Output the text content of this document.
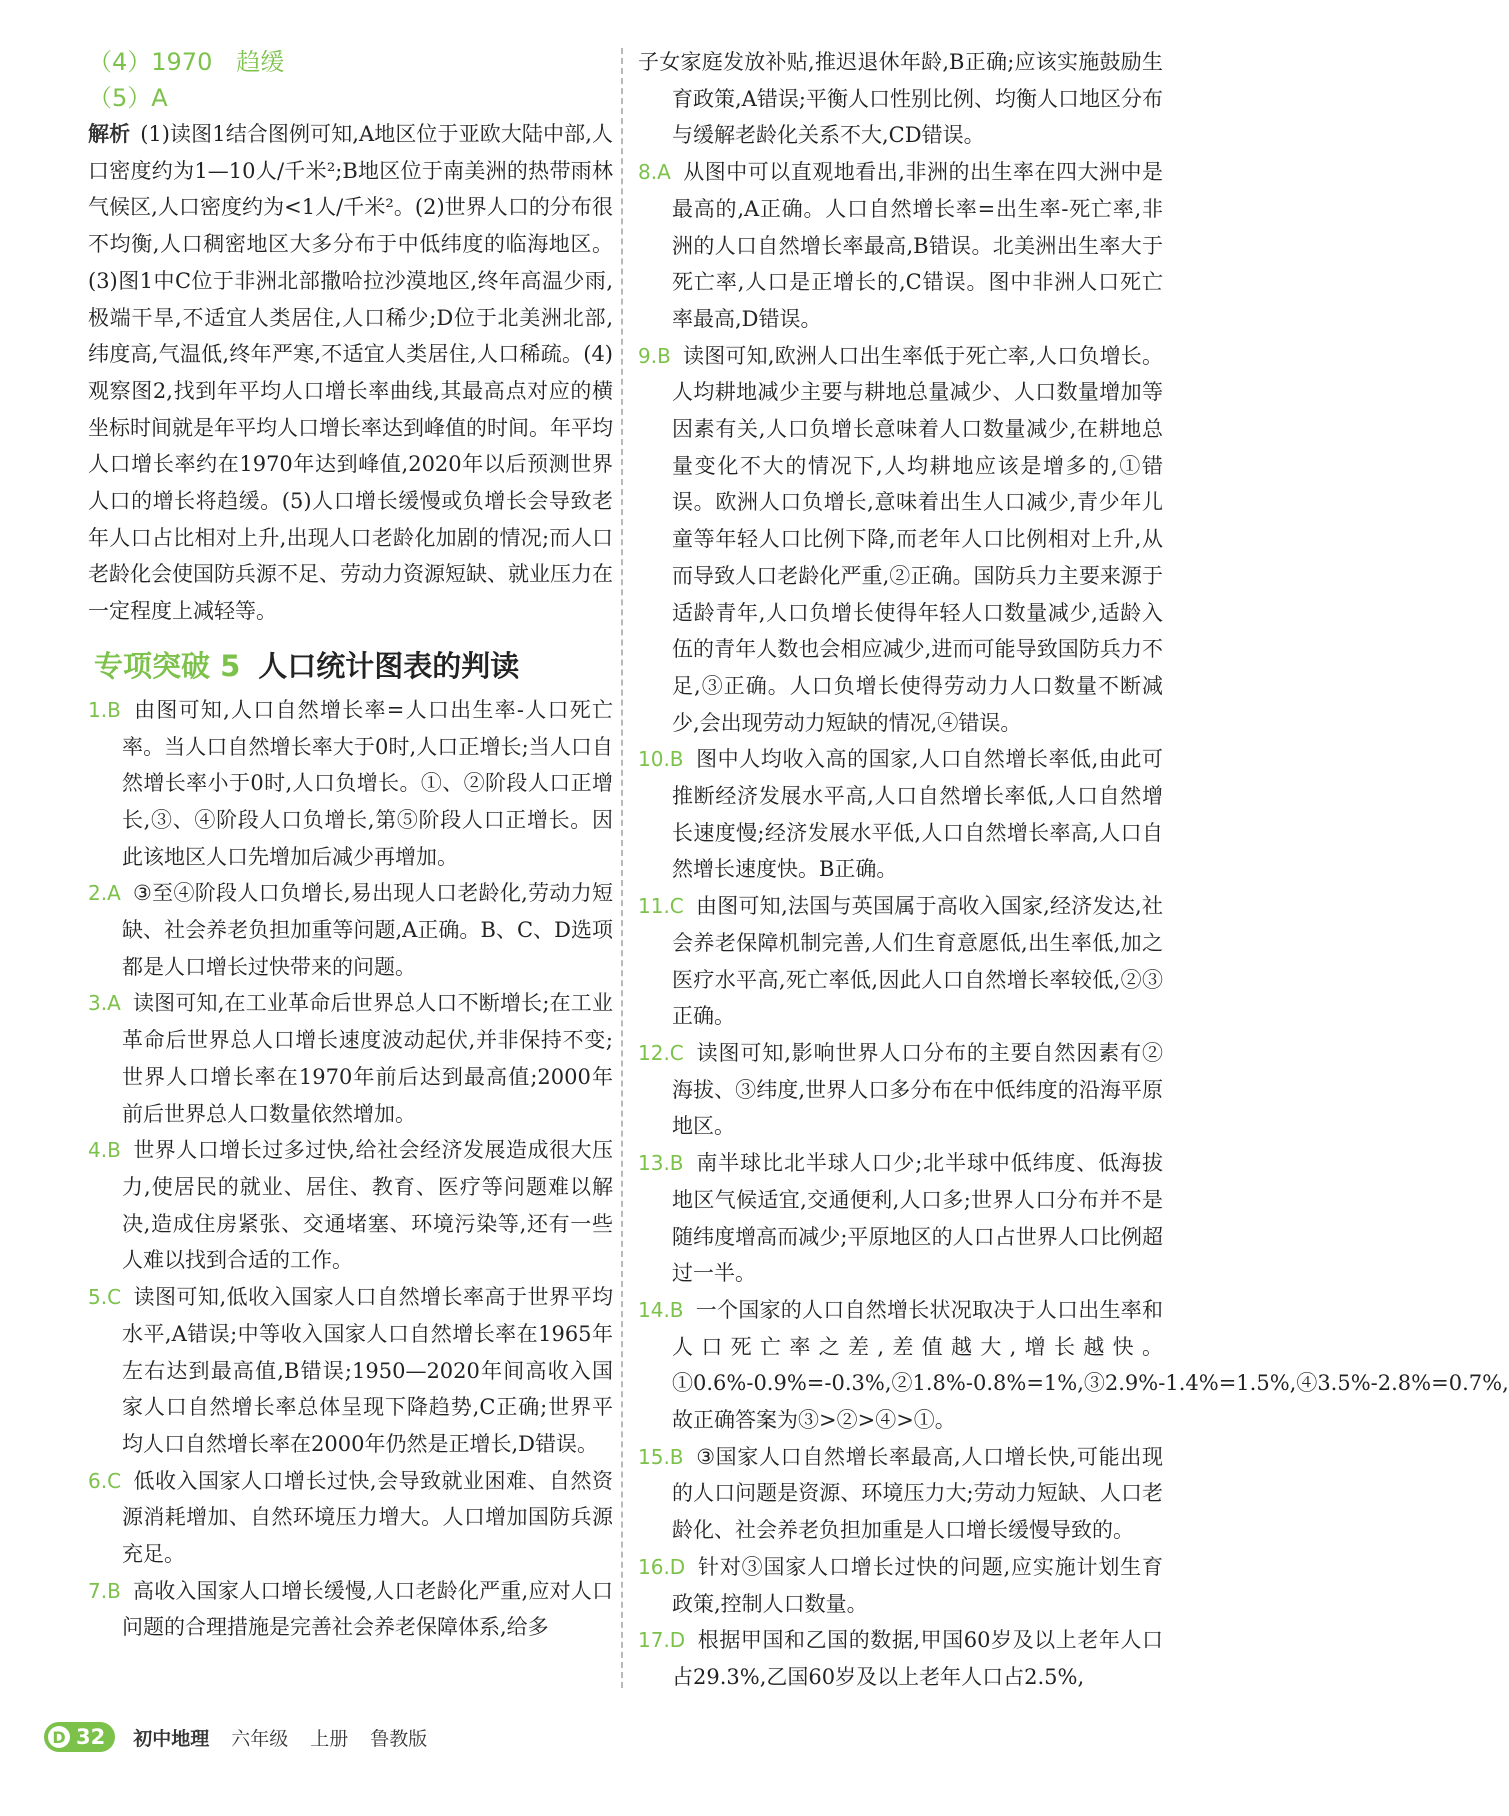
（4）1970　趋缓

（5）A

解析 (1)读图1结合图例可知,A地区位于亚欧大陆中部,人口密度约为1—10人/千米²;B地区位于南美洲的热带雨林气候区,人口密度约为<1人/千米²。(2)世界人口的分布很不均衡,人口稠密地区大多分布于中低纬度的临海地区。(3)图1中C位于非洲北部撒哈拉沙漠地区,终年高温少雨,极端干旱,不适宜人类居住,人口稀少;D位于北美洲北部,纬度高,气温低,终年严寒,不适宜人类居住,人口稀疏。(4)观察图2,找到年平均人口增长率曲线,其最高点对应的横坐标时间就是年平均人口增长率达到峰值的时间。年平均人口增长率约在1970年达到峰值,2020年以后预测世界人口的增长将趋缓。(5)人口增长缓慢或负增长会导致老年人口占比相对上升,出现人口老龄化加剧的情况;而人口老龄化会使国防兵源不足、劳动力资源短缺、就业压力在一定程度上减轻等。

专项突破 5 人口统计图表的判读

1.B 由图可知,人口自然增长率=人口出生率-人口死亡率。当人口自然增长率大于0时,人口正增长;当人口自然增长率小于0时,人口负增长。①、②阶段人口正增长,③、④阶段人口负增长,第⑤阶段人口正增长。因此该地区人口先增加后减少再增加。

2.A ③至④阶段人口负增长,易出现人口老龄化,劳动力短缺、社会养老负担加重等问题,A正确。B、C、D选项都是人口增长过快带来的问题。

3.A 读图可知,在工业革命后世界总人口不断增长;在工业革命后世界总人口增长速度波动起伏,并非保持不变;世界人口增长率在1970年前后达到最高值;2000年前后世界总人口数量依然增加。

4.B 世界人口增长过多过快,给社会经济发展造成很大压力,使居民的就业、居住、教育、医疗等问题难以解决,造成住房紧张、交通堵塞、环境污染等,还有一些人难以找到合适的工作。

5.C 读图可知,低收入国家人口自然增长率高于世界平均水平,A错误;中等收入国家人口自然增长率在1965年左右达到最高值,B错误;1950—2020年间高收入国家人口自然增长率总体呈现下降趋势,C正确;世界平均人口自然增长率在2000年仍然是正增长,D错误。

6.C 低收入国家人口增长过快,会导致就业困难、自然资源消耗增加、自然环境压力增大。人口增加国防兵源充足。

7.B 高收入国家人口增长缓慢,人口老龄化严重,应对人口问题的合理措施是完善社会养老保障体系,给多

子女家庭发放补贴,推迟退休年龄,B正确;应该实施鼓励生育政策,A错误;平衡人口性别比例、均衡人口地区分布与缓解老龄化关系不大,CD错误。

8.A 从图中可以直观地看出,非洲的出生率在四大洲中是最高的,A正确。人口自然增长率=出生率-死亡率,非洲的人口自然增长率最高,B错误。北美洲出生率大于死亡率,人口是正增长的,C错误。图中非洲人口死亡率最高,D错误。

9.B 读图可知,欧洲人口出生率低于死亡率,人口负增长。人均耕地减少主要与耕地总量减少、人口数量增加等因素有关,人口负增长意味着人口数量减少,在耕地总量变化不大的情况下,人均耕地应该是增多的,①错误。欧洲人口负增长,意味着出生人口减少,青少年儿童等年轻人口比例下降,而老年人口比例相对上升,从而导致人口老龄化严重,②正确。国防兵力主要来源于适龄青年,人口负增长使得年轻人口数量减少,适龄入伍的青年人数也会相应减少,进而可能导致国防兵力不足,③正确。人口负增长使得劳动力人口数量不断减少,会出现劳动力短缺的情况,④错误。

10.B 图中人均收入高的国家,人口自然增长率低,由此可推断经济发展水平高,人口自然增长率低,人口自然增长速度慢;经济发展水平低,人口自然增长率高,人口自然增长速度快。B正确。

11.C 由图可知,法国与英国属于高收入国家,经济发达,社会养老保障机制完善,人们生育意愿低,出生率低,加之医疗水平高,死亡率低,因此人口自然增长率较低,②③正确。

12.C 读图可知,影响世界人口分布的主要自然因素有②海拔、③纬度,世界人口多分布在中低纬度的沿海平原地区。

13.B 南半球比北半球人口少;北半球中低纬度、低海拔地区气候适宜,交通便利,人口多;世界人口分布并不是随纬度增高而减少;平原地区的人口占世界人口比例超过一半。

14.B 一个国家的人口自然增长状况取决于人口出生率和人口死亡率之差,差值越大,增长越快。①0.6%-0.9%=-0.3%,②1.8%-0.8%=1%,③2.9%-1.4%=1.5%,④3.5%-2.8%=0.7%,故正确答案为③>②>④>①。

15.B ③国家人口自然增长率最高,人口增长快,可能出现的人口问题是资源、环境压力大;劳动力短缺、人口老龄化、社会养老负担加重是人口增长缓慢导致的。

16.D 针对③国家人口增长过快的问题,应实施计划生育政策,控制人口数量。

17.D 根据甲国和乙国的数据,甲国60岁及以上老年人口占29.3%,乙国60岁及以上老年人口占2.5%,

D 32 初中地理 六年级 上册 鲁教版
